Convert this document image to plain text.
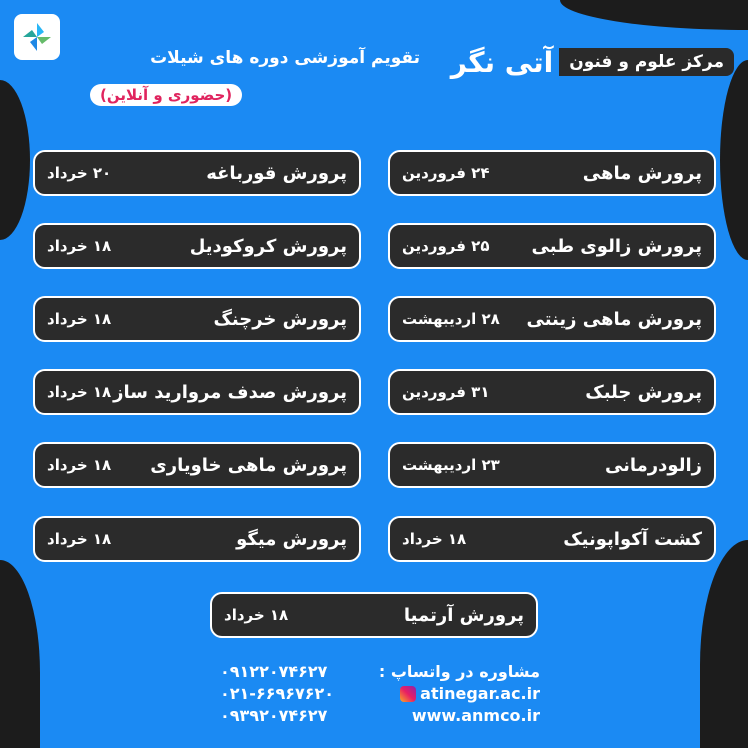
مرکز علوم و فنون
آتی نگر
تقویم آموزشی دوره های شیلات
(حضوری و آنلاین)
پرورش ماهی
۲۴ فروردین
پرورش زالوی طبی
۲۵ فروردین
پرورش ماهی زینتی
۲۸ اردیبهشت
پرورش جلبک
۳۱ فروردین
زالودرمانی
۲۳ اردیبهشت
کشت آکواپونیک
۱۸ خرداد
پرورش قورباغه
۲۰ خرداد
پرورش کروکودیل
۱۸ خرداد
پرورش خرچنگ
۱۸ خرداد
پرورش صدف مروارید ساز
۱۸ خرداد
پرورش ماهی خاویاری
۱۸ خرداد
پرورش میگو
۱۸ خرداد
پرورش آرتمیا
۱۸ خرداد
۰۹۱۲۲۰۷۴۶۲۷	مشاوره در واتساپ :
۰۲۱-۶۶۹۶۷۶۲۰	atinegar.ac.ir
۰۹۳۹۲۰۷۴۶۲۷	www.anmco.ir
